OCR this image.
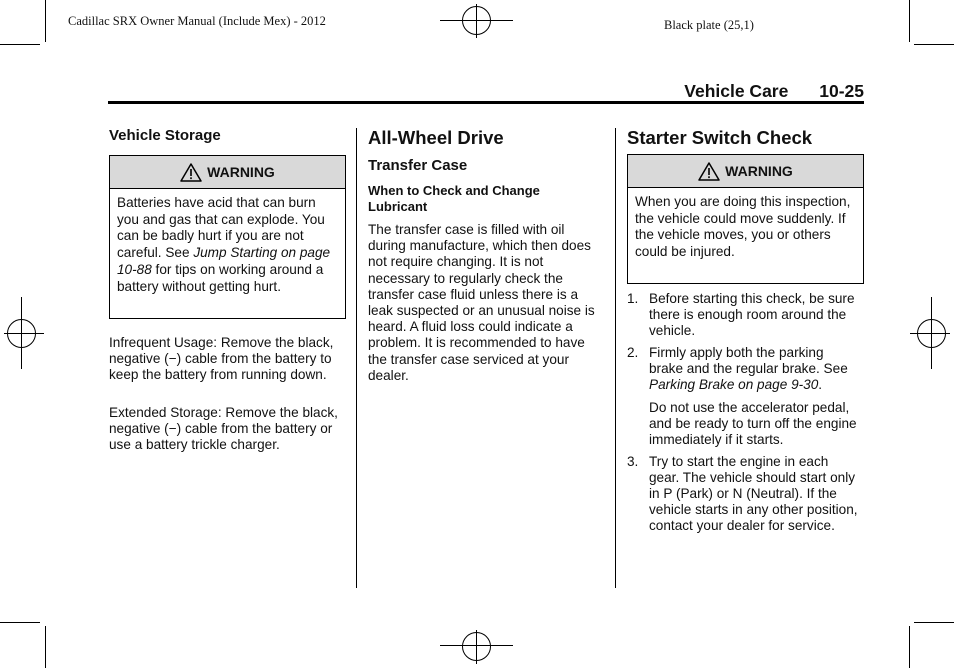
Cadillac SRX Owner Manual (Include Mex) - 2012	Black plate (25,1)
Vehicle Care 10-25
Vehicle Storage
WARNING
Batteries have acid that can burn you and gas that can explode. You can be badly hurt if you are not careful. See Jump Starting on page 10-88 for tips on working around a battery without getting hurt.

Infrequent Usage: Remove the black, negative (−) cable from the battery to keep the battery from running down.

Extended Storage: Remove the black, negative (−) cable from the battery or use a battery trickle charger.

All-Wheel Drive
Transfer Case
When to Check and Change Lubricant

The transfer case is filled with oil during manufacture, which then does not require changing. It is not necessary to regularly check the transfer case fluid unless there is a leak suspected or an unusual noise is heard. A fluid loss could indicate a problem. It is recommended to have the transfer case serviced at your dealer.

Starter Switch Check
WARNING
When you are doing this inspection, the vehicle could move suddenly. If the vehicle moves, you or others could be injured.
1. Before starting this check, be sure there is enough room around the vehicle.
2. Firmly apply both the parking brake and the regular brake. See Parking Brake on page 9-30.
Do not use the accelerator pedal, and be ready to turn off the engine immediately if it starts.
3. Try to start the engine in each gear. The vehicle should start only in P (Park) or N (Neutral). If the vehicle starts in any other position, contact your dealer for service.
